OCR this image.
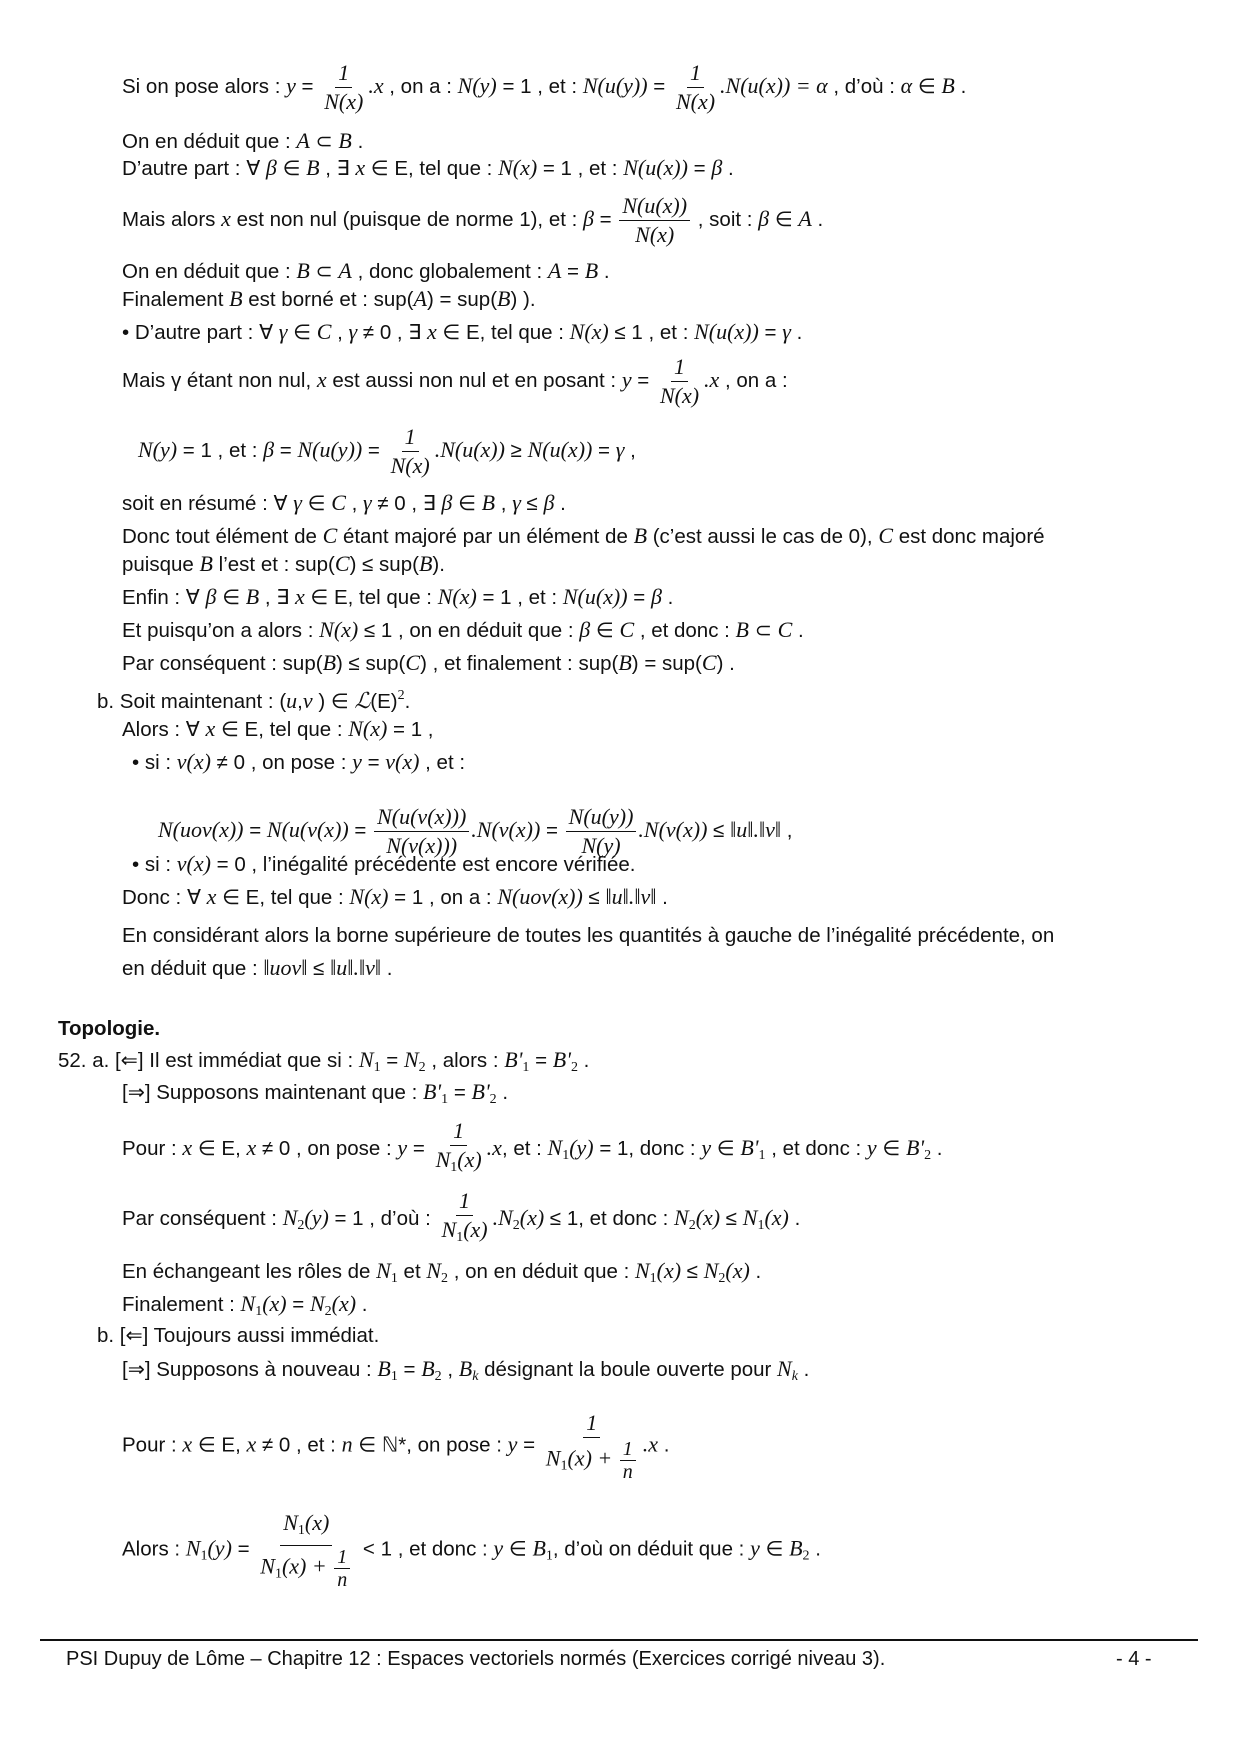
Si on pose alors : $y = \frac{1}{N(x)} .x$ , on a : N(y) = 1 , et : $N(u(y)) = \frac{1}{N(x)} .N(u(x)) = \alpha$ , d’où : α ∈ B .
On en déduit que : A ⊂ B .
D’autre part : ∀ β ∈ B , ∃ x ∈ E, tel que : N(x) = 1 , et : N(u(x)) = β .
Mais alors x est non nul (puisque de norme 1), et : $\beta = \frac{N(u(x))}{N(x)}$ , soit : β ∈ A .
On en déduit que : B ⊂ A , donc globalement : A = B .
Finalement B est borné et : sup(A) = sup(B) ).
• D’autre part : ∀ γ ∈ C , γ ≠ 0 , ∃ x ∈ E, tel que : N(x) ≤ 1 , et : N(u(x)) = γ .
Mais γ étant non nul, x est aussi non nul et en posant : $y = \frac{1}{N(x)} .x$ , on a :
N(y) = 1 , et : $\beta = N(u(y)) = \frac{1}{N(x)} .N(u(x)) \ge N(u(x)) = \gamma$ ,
soit en résumé : ∀ γ ∈ C , γ ≠ 0 , ∃ β ∈ B , γ ≤ β .
Donc tout élément de C étant majoré par un élément de B (c’est aussi le cas de 0), C est donc majoré
puisque B l’est et : sup(C) ≤ sup(B).
Enfin : ∀ β ∈ B , ∃ x ∈ E, tel que : N(x) = 1 , et : N(u(x)) = β .
Et puisqu’on a alors : N(x) ≤ 1 , on en déduit que : β ∈ C , et donc : B ⊂ C .
Par conséquent : sup(B) ≤ sup(C) , et finalement : sup(B) = sup(C) .
b. Soit maintenant : (u,v ) ∈ $ℒ(E)^2$.
Alors : ∀ x ∈ E, tel que : N(x) = 1 ,
• si : v(x) ≠ 0 , on pose : y = v(x) , et :
$N(uov(x)) = N(u(v(x)) = \frac{N(u(v(x)))}{N(v(x)))} .N(v(x)) = \frac{N(u(y))}{N(y)} .N(v(x))$ ≤ ‖u‖.‖v‖ ,
• si : v(x) = 0 , l’inégalité précédente est encore vérifiée.
Donc : ∀ x ∈ E, tel que : N(x) = 1 , on a : N(uov(x)) ≤ ‖u‖.‖v‖ .
En considérant alors la borne supérieure de toutes les quantités à gauche de l’inégalité précédente, on
en déduit que : ‖uov‖ ≤ ‖u‖.‖v‖ .
Topologie.
52. a. [⇐] Il est immédiat que si : $N_1 = N_2$ , alors : $B'_1 = B'_2$ .
[⇒] Supposons maintenant que : $B'_1 = B'_2$ .
Pour : x ∈ E, x ≠ 0 , on pose : $y = \frac{1}{N_1(x)} .x$, et : $N_1(y) = 1$, donc : y ∈ $B'_1$ , et donc : y ∈ $B'_2$ .
Par conséquent : $N_2(y) = 1$ , d’où : $\frac{1}{N_1(x)} .N_2(x) \le 1$, et donc : $N_2(x) \le N_1(x)$ .
En échangeant les rôles de $N_1$ et $N_2$ , on en déduit que : $N_1(x) \le N_2(x)$ .
Finalement : $N_1(x) = N_2(x)$ .
b. [⇐] Toujours aussi immédiat.
[⇒] Supposons à nouveau : $B_1 = B_2$ , $B_k$ désignant la boule ouverte pour $N_k$ .
Pour : x ∈ E, x ≠ 0 , et : n ∈ ℕ*, on pose : $y = \frac{1}{N_1(x) + \frac{1}{n}} .x$ .
Alors : $N_1(y) = \frac{N_1(x)}{N_1(x) + \frac{1}{n}} < 1$ , et donc : y ∈ $B_1$, d’où on déduit que : y ∈ $B_2$ .
PSI Dupuy de Lôme – Chapitre 12 : Espaces vectoriels normés (Exercices corrigé niveau 3).	- 4 -
